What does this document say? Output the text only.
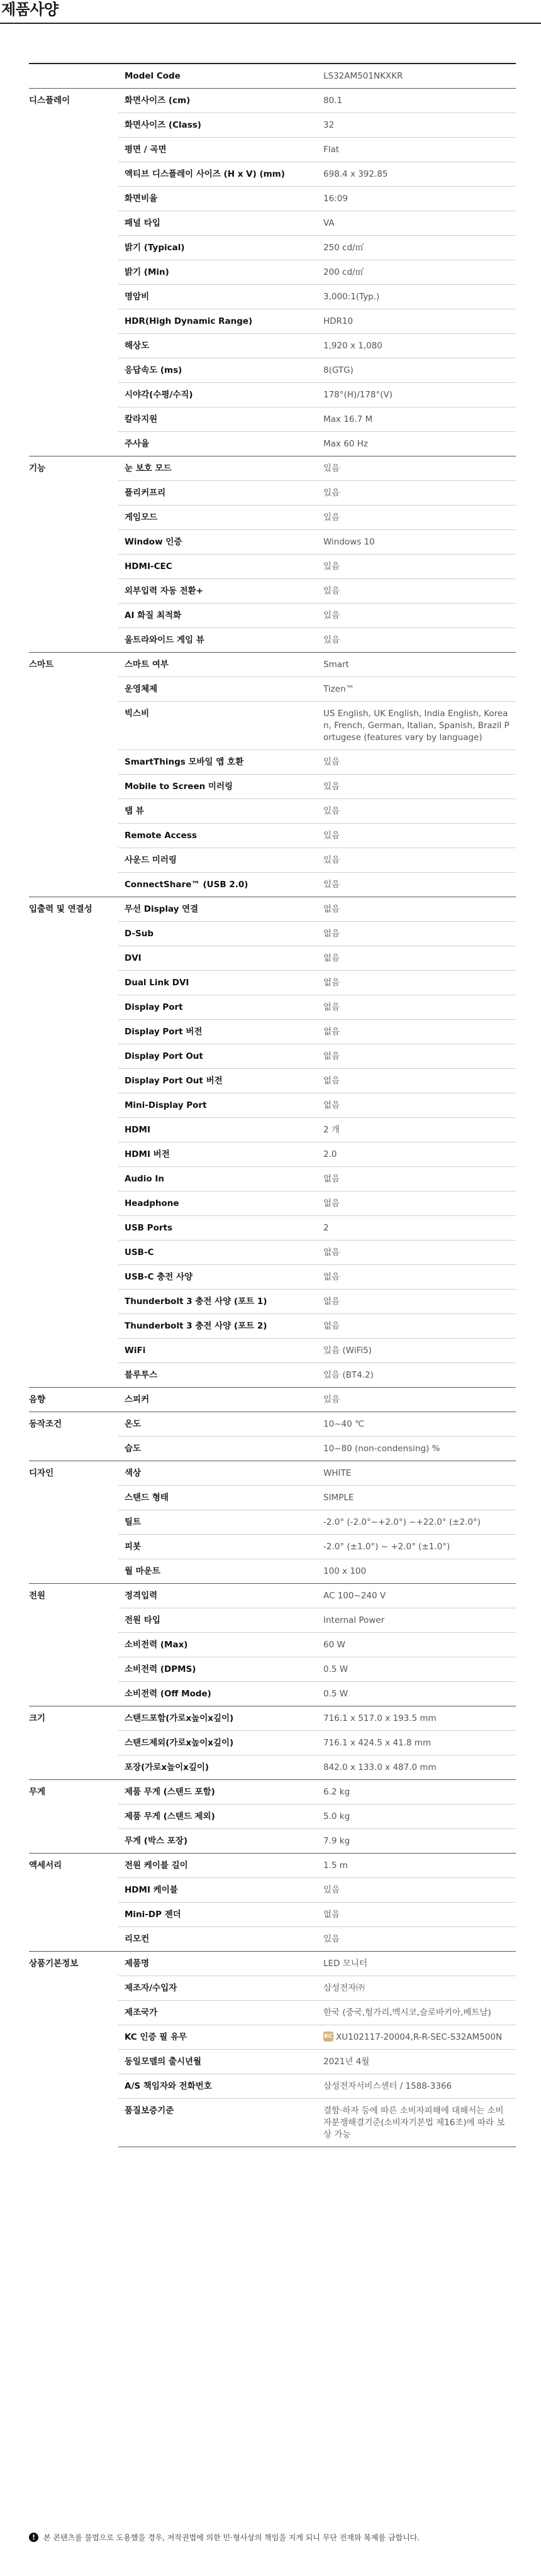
제품사양
	Model Code	LS32AM501NKXKR
디스플레이	화면사이즈 (cm)	80.1
	화면사이즈 (Class)	32
	평면 / 곡면	Flat
	액티브 디스플레이 사이즈 (H x V) (mm)	698.4 x 392.85
	화면비율	16:09
	패널 타입	VA
	밝기 (Typical)	250 cd/㎡
	밝기 (Min)	200 cd/㎡
	명암비	3,000:1(Typ.)
	HDR(High Dynamic Range)	HDR10
	해상도	1,920 x 1,080
	응답속도 (ms)	8(GTG)
	시야각(수평/수직)	178°(H)/178°(V)
	칼라지원	Max 16.7 M
	주사율	Max 60 Hz
기능	눈 보호 모드	있음
	플리커프리	있음
	게임모드	있음
	Window 인증	Windows 10
	HDMI-CEC	있음
	외부입력 자동 전환+	있음
	AI 화질 최적화	있음
	울트라와이드 게임 뷰	있음
스마트	스마트 여부	Smart
	운영체제	Tizen™
	빅스비	US English, UK English, India English, Korean, French, German, Italian, Spanish, Brazil Portugese (features vary by language)
	SmartThings 모바일 앱 호환	있음
	Mobile to Screen 미러링	있음
	탭 뷰	있음
	Remote Access	있음
	사운드 미러링	있음
	ConnectShare™ (USB 2.0)	있음
입출력 및 연결성	무선 Display 연결	없음
	D-Sub	없음
	DVI	없음
	Dual Link DVI	없음
	Display Port	없음
	Display Port 버전	없음
	Display Port Out	없음
	Display Port Out 버전	없음
	Mini-Display Port	없음
	HDMI	2 개
	HDMI 버전	2.0
	Audio In	없음
	Headphone	없음
	USB Ports	2
	USB-C	없음
	USB-C 충전 사양	없음
	Thunderbolt 3 충전 사양 (포트 1)	없음
	Thunderbolt 3 충전 사양 (포트 2)	없음
	WiFi	있음 (WiFi5)
	블루투스	있음 (BT4.2)
음향	스피커	있음
동작조건	온도	10~40 ℃
	습도	10~80 (non-condensing) %
디자인	색상	WHITE
	스탠드 형태	SIMPLE
	틸트	-2.0° (-2.0°~+2.0°) ~+22.0° (±2.0°)
	피봇	-2.0° (±1.0°) ~ +2.0° (±1.0°)
	월 마운트	100 x 100
전원	정격입력	AC 100~240 V
	전원 타입	Internal Power
	소비전력 (Max)	60 W
	소비전력 (DPMS)	0.5 W
	소비전력 (Off Mode)	0.5 W
크기	스탠드포함(가로x높이x깊이)	716.1 x 517.0 x 193.5 mm
	스탠드제외(가로x높이x깊이)	716.1 x 424.5 x 41.8 mm
	포장(가로x높이x깊이)	842.0 x 133.0 x 487.0 mm
무게	제품 무게 (스탠드 포함)	6.2 kg
	제품 무게 (스탠드 제외)	5.0 kg
	무게 (박스 포장)	7.9 kg
액세서리	전원 케이블 길이	1.5 m
	HDMI 케이블	있음
	Mini-DP 젠더	없음
	리모컨	있음
상품기본정보	제품명	LED 모니터
	제조자/수입자	삼성전자㈜
	제조국가	한국 (중국,헝가리,멕시코,슬로바키아,베트남)
	KC 인증 필 유무	KC XU102117-20004,R-R-SEC-S32AM500N
	동일모델의 출시년월	2021년 4월
	A/S 책임자와 전화번호	삼성전자서비스센터 / 1588-3366
	품질보증기준	결함·하자 등에 따른 소비자피해에 대해서는 소비자분쟁해결기준(소비자기본법 제16조)에 따라 보상 가능
!	본 콘텐츠를 불법으로 도용했을 경우, 저작권법에 의한 민·형사상의 책임을 지게 되니 무단 전재와 복제를 금합니다.
